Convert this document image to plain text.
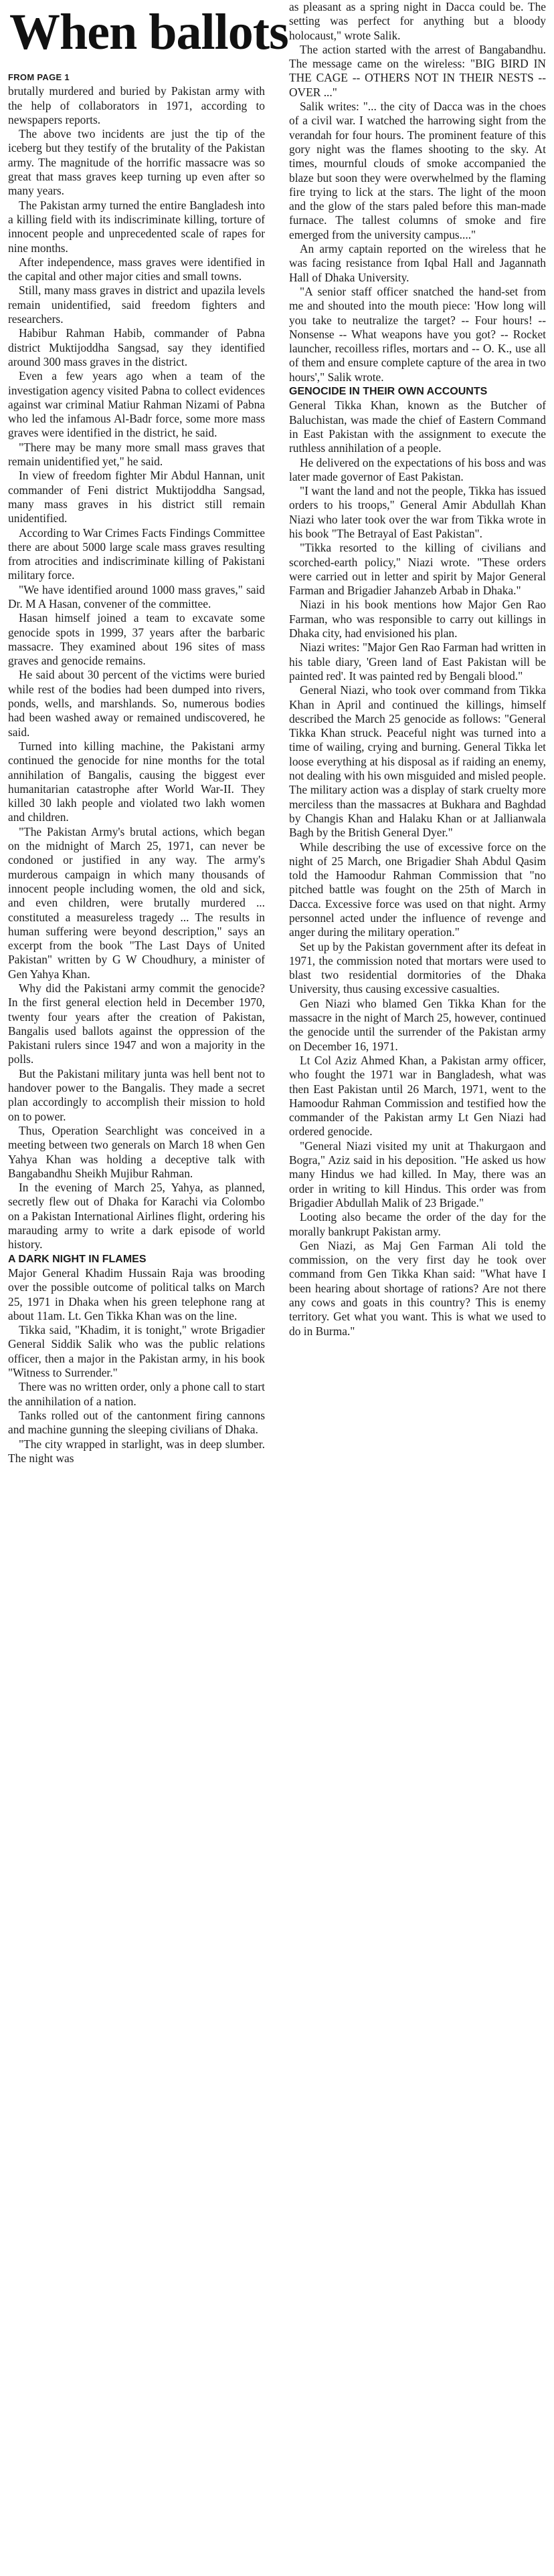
When ballots

FROM PAGE 1

brutally murdered and buried by Pakistan army with the help of collaborators in 1971, according to newspapers reports.

The above two incidents are just the tip of the iceberg but they testify of the brutality of the Pakistan army. The magnitude of the horrific massacre was so great that mass graves keep turning up even after so many years.

The Pakistan army turned the entire Bangladesh into a killing field with its indiscriminate killing, torture of innocent people and unprecedented scale of rapes for nine months.

After independence, mass graves were identified in the capital and other major cities and small towns.

Still, many mass graves in district and upazila levels remain unidentified, said freedom fighters and researchers.

Habibur Rahman Habib, commander of Pabna district Muktijoddha Sangsad, say they identified around 300 mass graves in the district.

Even a few years ago when a team of the investigation agency visited Pabna to collect evidences against war criminal Matiur Rahman Nizami of Pabna who led the infamous Al-Badr force, some more mass graves were identified in the district, he said.

"There may be many more small mass graves that remain unidentified yet," he said.

In view of freedom fighter Mir Abdul Hannan, unit commander of Feni district Muktijoddha Sangsad, many mass graves in his district still remain unidentified.

According to War Crimes Facts Findings Committee there are about 5000 large scale mass graves resulting from atrocities and indiscriminate killing of Pakistani military force.

"We have identified around 1000 mass graves," said Dr. M A Hasan, convener of the committee.

Hasan himself joined a team to excavate some genocide spots in 1999, 37 years after the barbaric massacre. They examined about 196 sites of mass graves and genocide remains.

He said about 30 percent of the victims were buried while rest of the bodies had been dumped into rivers, ponds, wells, and marshlands. So, numerous bodies had been washed away or remained undiscovered, he said.

Turned into killing machine, the Pakistani army continued the genocide for nine months for the total annihilation of Bangalis, causing the biggest ever humanitarian catastrophe after World War-II. They killed 30 lakh people and violated two lakh women and children.

"The Pakistan Army's brutal actions, which began on the midnight of March 25, 1971, can never be condoned or justified in any way. The army's murderous campaign in which many thousands of innocent people including women, the old and sick, and even children, were brutally murdered ... constituted a measureless tragedy ... The results in human suffering were beyond description," says an excerpt from the book "The Last Days of United Pakistan" written by G W Choudhury, a minister of Gen Yahya Khan.

Why did the Pakistani army commit the genocide? In the first general election held in December 1970, twenty four years after the creation of Pakistan, Bangalis used ballots against the oppression of the Pakistani rulers since 1947 and won a majority in the polls.

But the Pakistani military junta was hell bent not to handover power to the Bangalis. They made a secret plan accordingly to accomplish their mission to hold on to power.

Thus, Operation Searchlight was conceived in a meeting between two generals on March 18 when Gen Yahya Khan was holding a deceptive talk with Bangabandhu Sheikh Mujibur Rahman.

In the evening of March 25, Yahya, as planned, secretly flew out of Dhaka for Karachi via Colombo on a Pakistan International Airlines flight, ordering his marauding army to write a dark episode of world history.

A DARK NIGHT IN FLAMES

Major General Khadim Hussain Raja was brooding over the possible outcome of political talks on March 25, 1971 in Dhaka when his green telephone rang at about 11am. Lt. Gen Tikka Khan was on the line.

Tikka said, "Khadim, it is tonight," wrote Brigadier General Siddik Salik who was the public relations officer, then a major in the Pakistan army, in his book "Witness to Surrender."

There was no written order, only a phone call to start the annihilation of a nation.

Tanks rolled out of the cantonment firing cannons and machine gunning the sleeping civilians of Dhaka.

"The city wrapped in starlight, was in deep slumber. The night was

as pleasant as a spring night in Dacca could be. The setting was perfect for anything but a bloody holocaust," wrote Salik.

The action started with the arrest of Bangabandhu. The message came on the wireless: "BIG BIRD IN THE CAGE -- OTHERS NOT IN THEIR NESTS -- OVER ..."

Salik writes: "... the city of Dacca was in the choes of a civil war. I watched the harrowing sight from the verandah for four hours. The prominent feature of this gory night was the flames shooting to the sky. At times, mournful clouds of smoke accompanied the blaze but soon they were overwhelmed by the flaming fire trying to lick at the stars. The light of the moon and the glow of the stars paled before this man-made furnace. The tallest columns of smoke and fire emerged from the university campus...."

An army captain reported on the wireless that he was facing resistance from Iqbal Hall and Jagannath Hall of Dhaka University.

"A senior staff officer snatched the hand-set from me and shouted into the mouth piece: 'How long will you take to neutralize the target? -- Four hours! -- Nonsense -- What weapons have you got? -- Rocket launcher, recoilless rifles, mortars and -- O. K., use all of them and ensure complete capture of the area in two hours'," Salik wrote.

GENOCIDE IN THEIR OWN ACCOUNTS

General Tikka Khan, known as the Butcher of Baluchistan, was made the chief of Eastern Command in East Pakistan with the assignment to execute the ruthless annihilation of a people.

He delivered on the expectations of his boss and was later made governor of East Pakistan.

"I want the land and not the people, Tikka has issued orders to his troops," General Amir Abdullah Khan Niazi who later took over the war from Tikka wrote in his book "The Betrayal of East Pakistan".

"Tikka resorted to the killing of civilians and scorched-earth policy," Niazi wrote. "These orders were carried out in letter and spirit by Major General Farman and Brigadier Jahanzeb Arbab in Dhaka."

Niazi in his book mentions how Major Gen Rao Farman, who was responsible to carry out killings in Dhaka city, had envisioned his plan.

Niazi writes: "Major Gen Rao Farman had written in his table diary, 'Green land of East Pakistan will be painted red'. It was painted red by Bengali blood."

General Niazi, who took over command from Tikka Khan in April and continued the killings, himself described the March 25 genocide as follows: "General Tikka Khan struck. Peaceful night was turned into a time of wailing, crying and burning. General Tikka let loose everything at his disposal as if raiding an enemy, not dealing with his own misguided and misled people. The military action was a display of stark cruelty more merciless than the massacres at Bukhara and Baghdad by Changis Khan and Halaku Khan or at Jallianwala Bagh by the British General Dyer."

While describing the use of excessive force on the night of 25 March, one Brigadier Shah Abdul Qasim told the Hamoodur Rahman Commission that "no pitched battle was fought on the 25th of March in Dacca. Excessive force was used on that night. Army personnel acted under the influence of revenge and anger during the military operation."

Set up by the Pakistan government after its defeat in 1971, the commission noted that mortars were used to blast two residential dormitories of the Dhaka University, thus causing excessive casualties.

Gen Niazi who blamed Gen Tikka Khan for the massacre in the night of March 25, however, continued the genocide until the surrender of the Pakistan army on December 16, 1971.

Lt Col Aziz Ahmed Khan, a Pakistan army officer, who fought the 1971 war in Bangladesh, what was then East Pakistan until 26 March, 1971, went to the Hamoodur Rahman Commission and testified how the commander of the Pakistan army Lt Gen Niazi had ordered genocide.

"General Niazi visited my unit at Thakurgaon and Bogra," Aziz said in his deposition. "He asked us how many Hindus we had killed. In May, there was an order in writing to kill Hindus. This order was from Brigadier Abdullah Malik of 23 Brigade."

Looting also became the order of the day for the morally bankrupt Pakistan army.

Gen Niazi, as Maj Gen Farman Ali told the commission, on the very first day he took over command from Gen Tikka Khan said: "What have I been hearing about shortage of rations? Are not there any cows and goats in this country? This is enemy territory. Get what you want. This is what we used to do in Burma."
